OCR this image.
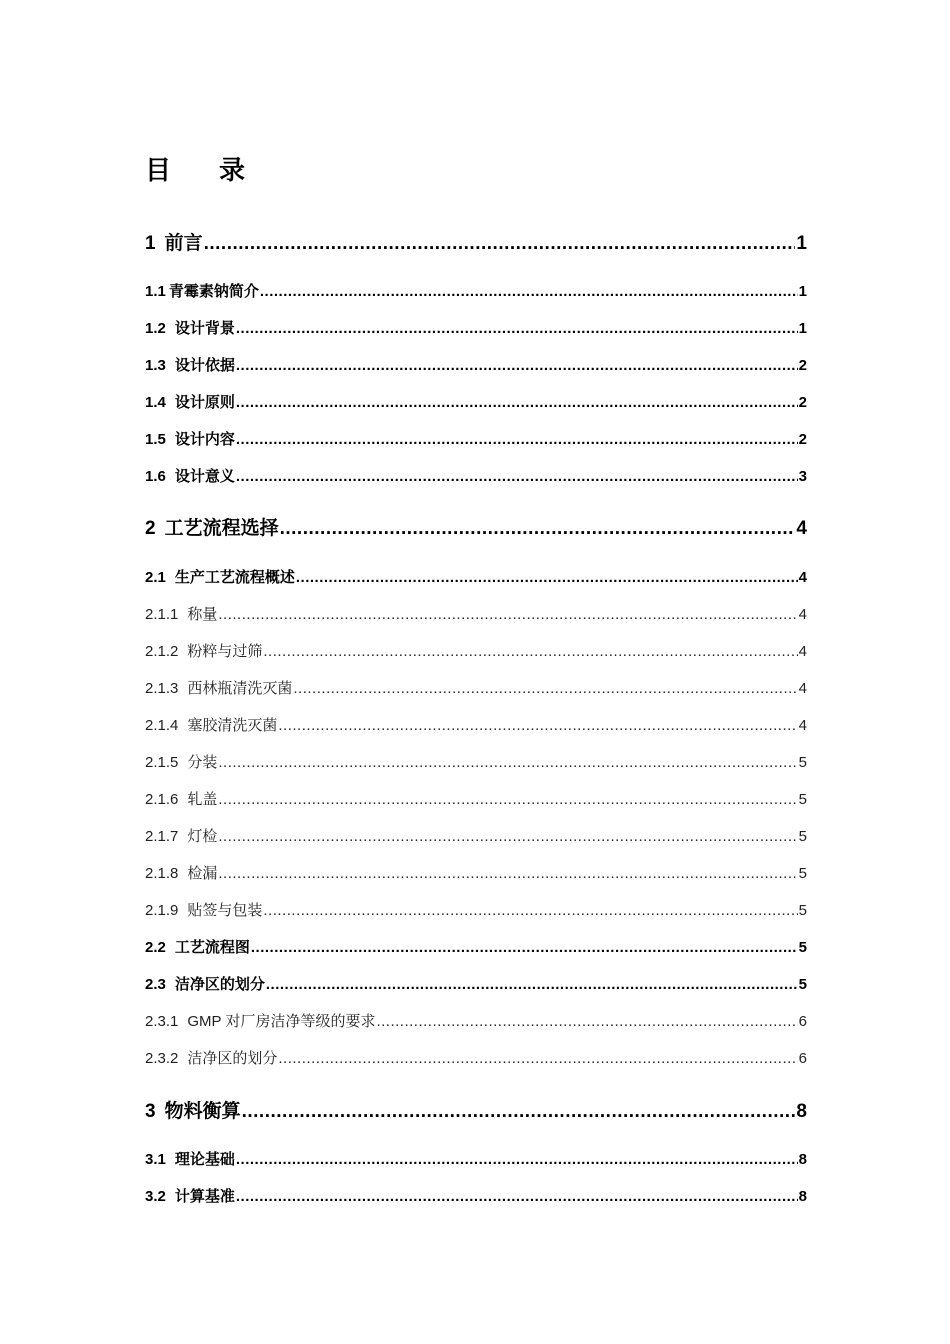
目 录
1 前言 .....	1
1.1 青霉素钠简介 .....	1
1.2 设计背景 .....	1
1.3 设计依据 .....	2
1.4 设计原则 .....	2
1.5 设计内容 .....	2
1.6 设计意义 .....	3
2 工艺流程选择 .....	4
2.1 生产工艺流程概述 .....	4
2.1.1 称量 .....	4
2.1.2 粉粹与过筛 .....	4
2.1.3 西林瓶清洗灭菌 .....	4
2.1.4 塞胶清洗灭菌 .....	4
2.1.5 分装 .....	5
2.1.6 轧盖 .....	5
2.1.7 灯检 .....	5
2.1.8 检漏 .....	5
2.1.9 贴签与包装 .....	5
2.2 工艺流程图 .....	5
2.3 洁净区的划分 .....	5
2.3.1 GMP 对厂房洁净等级的要求 .....	6
2.3.2 洁净区的划分 .....	6
3 物料衡算 .....	8
3.1 理论基础 .....	8
3.2 计算基准 .....	8
